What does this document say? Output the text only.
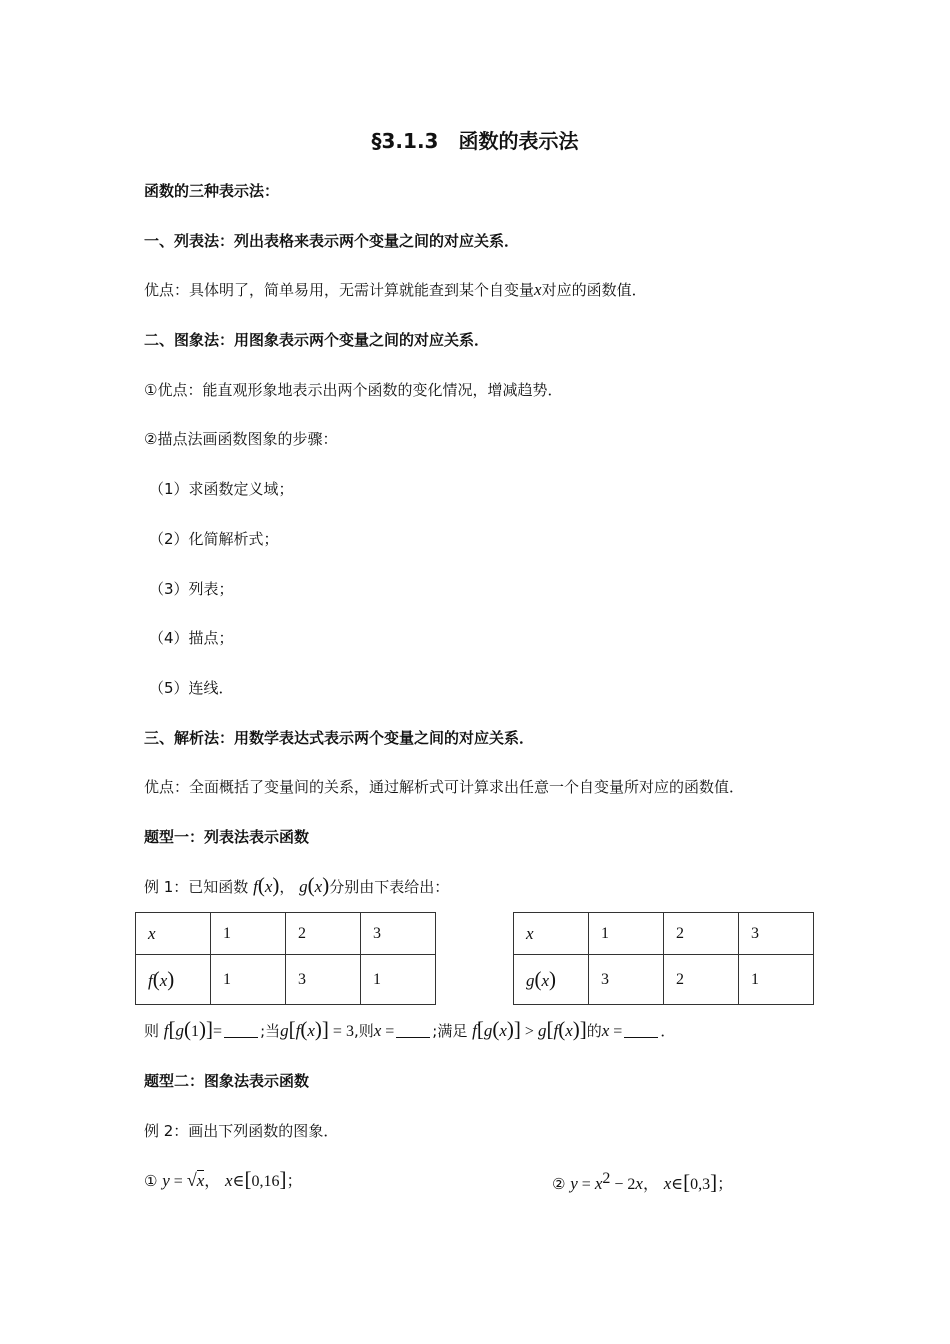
§3.1.3　函数的表示法
函数的三种表示法：
一、列表法：列出表格来表示两个变量之间的对应关系．
优点：具体明了，简单易用，无需计算就能查到某个自变量x对应的函数值．
二、图象法：用图象表示两个变量之间的对应关系．
①优点：能直观形象地表示出两个函数的变化情况，增减趋势．
②描点法画函数图象的步骤：
（1）求函数定义域；
（2）化简解析式；
（3）列表；
（4）描点；
（5）连线．
三、解析法：用数学表达式表示两个变量之间的对应关系．
优点：全面概括了变量间的关系，通过解析式可计算求出任意一个自变量所对应的函数值．
题型一：列表法表示函数
例 1：已知函数 f(x)， g(x)分别由下表给出：
x	1	2	3
f(x)	1	3	1
x	1	2	3
g(x)	3	2	1
则 f[g(1)]=	;当g[f(x)] = 3,则x =	;满足 f[g(x)] > g[f(x)]的x =	．
题型二：图象法表示函数
例 2：画出下列函数的图象．
① y = √x， x∈[0,16]；	② $y = x^2 - 2x$， x∈[0,3]；
